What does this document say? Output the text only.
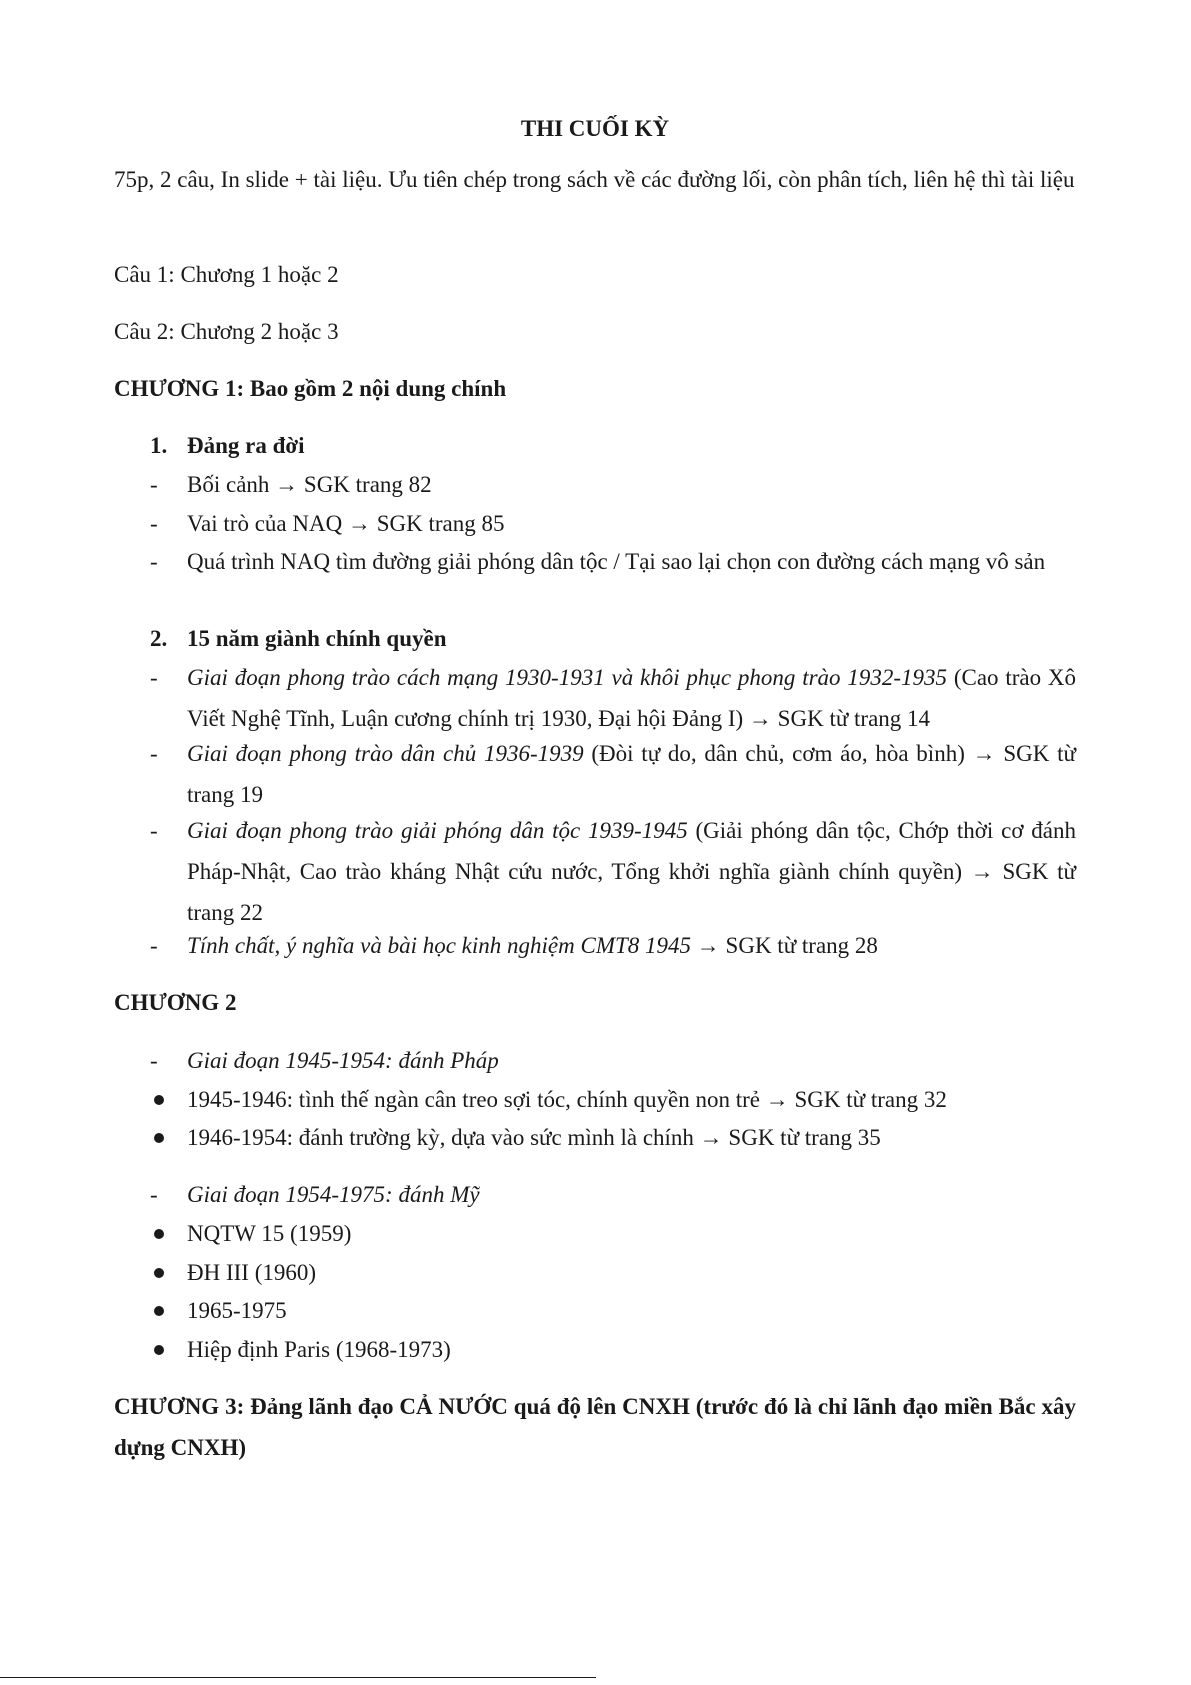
THI CUỐI KỲ
75p, 2 câu, In slide + tài liệu. Ưu tiên chép trong sách về các đường lối, còn phân tích, liên hệ thì tài liệu
Câu 1: Chương 1 hoặc 2
Câu 2: Chương 2 hoặc 3
CHƯƠNG 1: Bao gồm 2 nội dung chính
1. Đảng ra đời
- Bối cảnh → SGK trang 82
- Vai trò của NAQ → SGK trang 85
- Quá trình NAQ tìm đường giải phóng dân tộc / Tại sao lại chọn con đường cách mạng vô sản
2. 15 năm giành chính quyền
- Giai đoạn phong trào cách mạng 1930-1931 và khôi phục phong trào 1932-1935 (Cao trào Xô Viết Nghệ Tĩnh, Luận cương chính trị 1930, Đại hội Đảng I) → SGK từ trang 14
- Giai đoạn phong trào dân chủ 1936-1939 (Đòi tự do, dân chủ, cơm áo, hòa bình) → SGK từ trang 19
- Giai đoạn phong trào giải phóng dân tộc 1939-1945 (Giải phóng dân tộc, Chớp thời cơ đánh Pháp-Nhật, Cao trào kháng Nhật cứu nước, Tổng khởi nghĩa giành chính quyền) → SGK từ trang 22
- Tính chất, ý nghĩa và bài học kinh nghiệm CMT8 1945 → SGK từ trang 28
CHƯƠNG 2
- Giai đoạn 1945-1954: đánh Pháp
1945-1946: tình thế ngàn cân treo sợi tóc, chính quyền non trẻ → SGK từ trang 32
1946-1954: đánh trường kỳ, dựa vào sức mình là chính → SGK từ trang 35
- Giai đoạn 1954-1975: đánh Mỹ
NQTW 15 (1959)
ĐH III (1960)
1965-1975
Hiệp định Paris (1968-1973)
CHƯƠNG 3: Đảng lãnh đạo CẢ NƯỚC quá độ lên CNXH (trước đó là chỉ lãnh đạo miền Bắc xây dựng CNXH)
